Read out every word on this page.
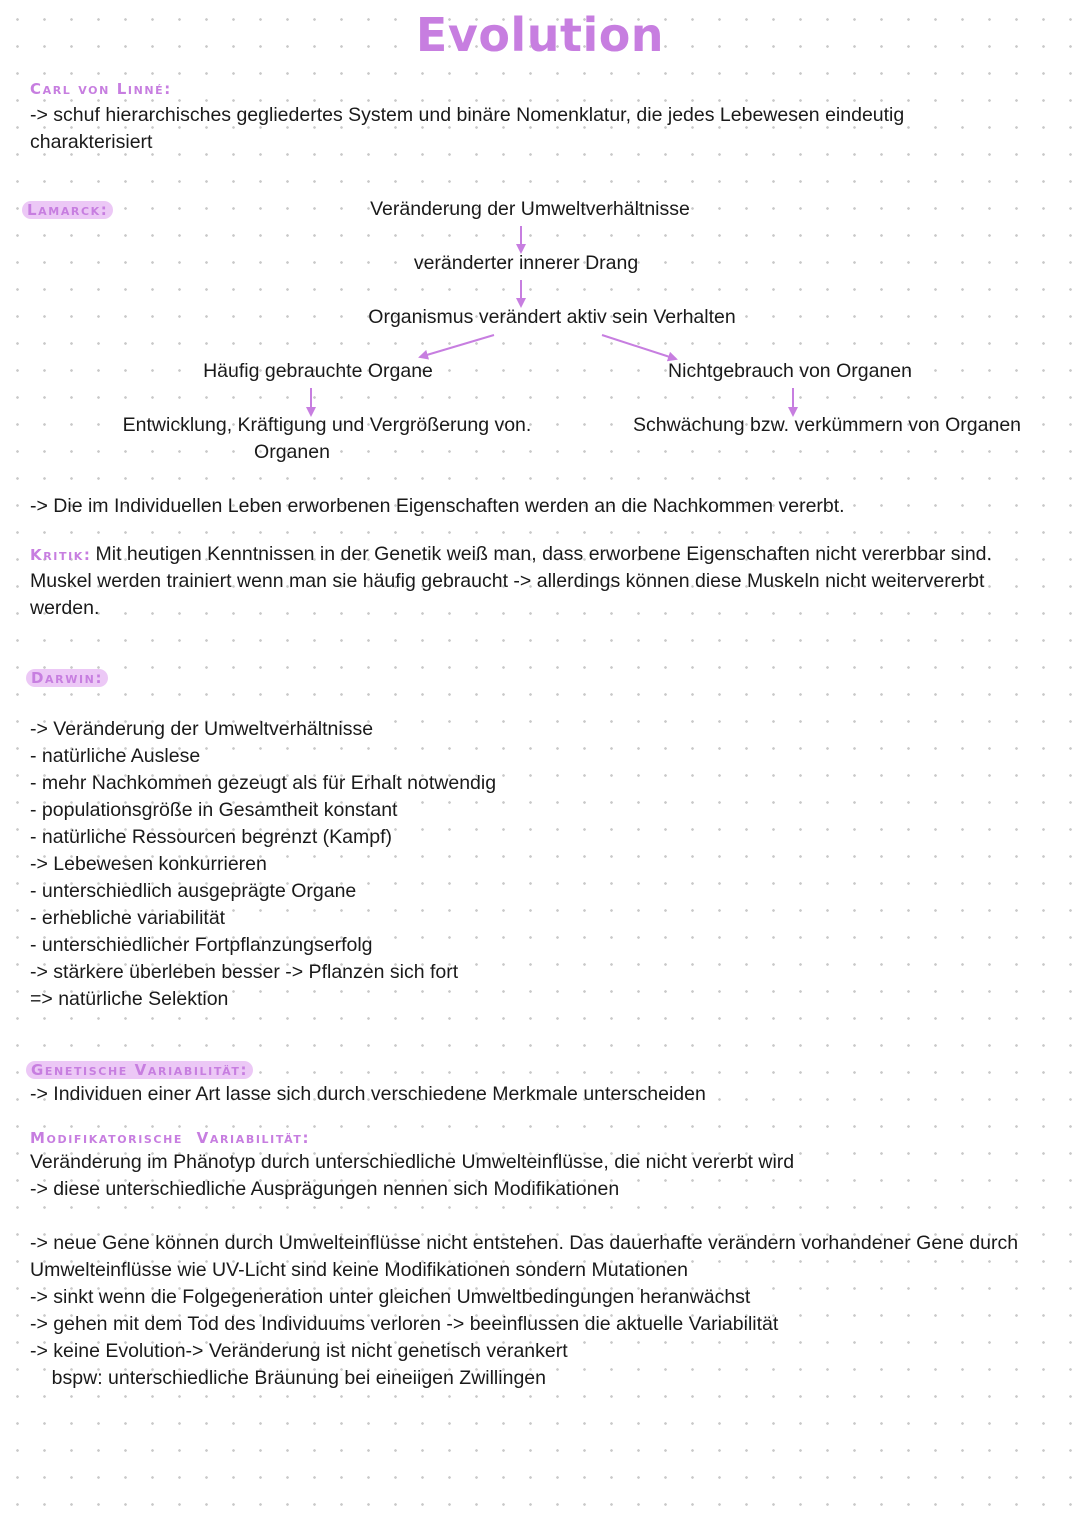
Evolution
Carl von Linné:
-> schuf hierarchisches gegliedertes System und binäre Nomenklatur, die jedes Lebewesen eindeutig charakterisiert
Lamarck:	Veränderung der Umweltverhältnisse
veränderter innerer Drang
Organismus verändert aktiv sein Verhalten
Häufig gebrauchte Organe	Nichtgebrauch von Organen
Entwicklung, Kräftigung und Vergrößerung von.
Organen
Schwächung bzw. verkümmern von Organen
-> Die im Individuellen Leben erworbenen Eigenschaften werden an die Nachkommen vererbt.
Kritik: Mit heutigen Kenntnissen in der Genetik weiß man, dass erworbene Eigenschaften nicht vererbbar sind.
Muskel werden trainiert wenn man sie häufig gebraucht -> allerdings können diese Muskeln nicht weitervererbt
werden.
Darwin:
-> Veränderung der Umweltverhältnisse
- natürliche Auslese
- mehr Nachkommen gezeugt als für Erhalt notwendig
- populationsgröße in Gesamtheit konstant
- natürliche Ressourcen begrenzt (Kampf)
-> Lebewesen konkurrieren
- unterschiedlich ausgeprägte Organe
- erhebliche variabilität
- unterschiedlicher Fortpflanzungserfolg
-> stärkere überleben besser -> Pflanzen sich fort
=> natürliche Selektion
Genetische Variabilität:
-> Individuen einer Art lasse sich durch verschiedene Merkmale unterscheiden
Modifikatorische  Variabilität:
Veränderung im Phänotyp durch unterschiedliche Umwelteinflüsse, die nicht vererbt wird
-> diese unterschiedliche Ausprägungen nennen sich Modifikationen
-> neue Gene können durch Umwelteinflüsse nicht entstehen. Das dauerhafte verändern vorhandener Gene durch
Umwelteinflüsse wie UV-Licht sind keine Modifikationen sondern Mutationen
-> sinkt wenn die Folgegeneration unter gleichen Umweltbedingungen heranwächst
-> gehen mit dem Tod des Individuums verloren -> beeinflussen die aktuelle Variabilität
-> keine Evolution-> Veränderung ist nicht genetisch verankert
bspw: unterschiedliche Bräunung bei eineiigen Zwillingen
